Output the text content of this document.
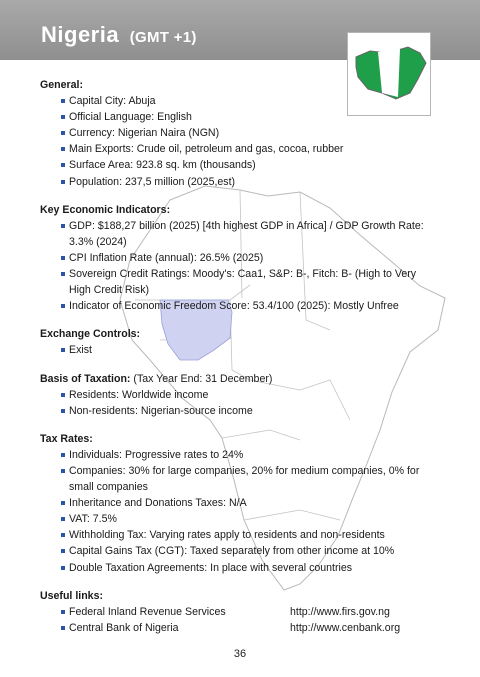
Nigeria (GMT +1)

General:

Capital City: Abuja
Official Language: English
Currency: Nigerian Naira (NGN)
Main Exports: Crude oil, petroleum and gas, cocoa, rubber
Surface Area: 923.8 sq. km (thousands)
Population: 237,5 million (2025,est)

Key Economic Indicators:

GDP: $188,27 billion (2025) [4th highest GDP in Africa] / GDP Growth Rate: 3.3% (2024)
CPI Inflation Rate (annual): 26.5% (2025)
Sovereign Credit Ratings: Moody's: Caa1, S&P: B-, Fitch: B- (High to Very High Credit Risk)
Indicator of Economic Freedom Score: 53.4/100 (2025): Mostly Unfree

Exchange Controls:

Exist

Basis of Taxation: (Tax Year End: 31 December)

Residents: Worldwide income
Non-residents: Nigerian-source income

Tax Rates:

Individuals: Progressive rates to 24%
Companies: 30% for large companies, 20% for medium companies, 0% for small companies
Inheritance and Donations Taxes: N/A
VAT: 7.5%
Withholding Tax: Varying rates apply to residents and non-residents
Capital Gains Tax (CGT): Taxed separately from other income at 10%
Double Taxation Agreements: In place with several countries

Useful links:

Federal Inland Revenue Services	http://www.firs.gov.ng
Central Bank of Nigeria	http://www.cenbank.org
36
